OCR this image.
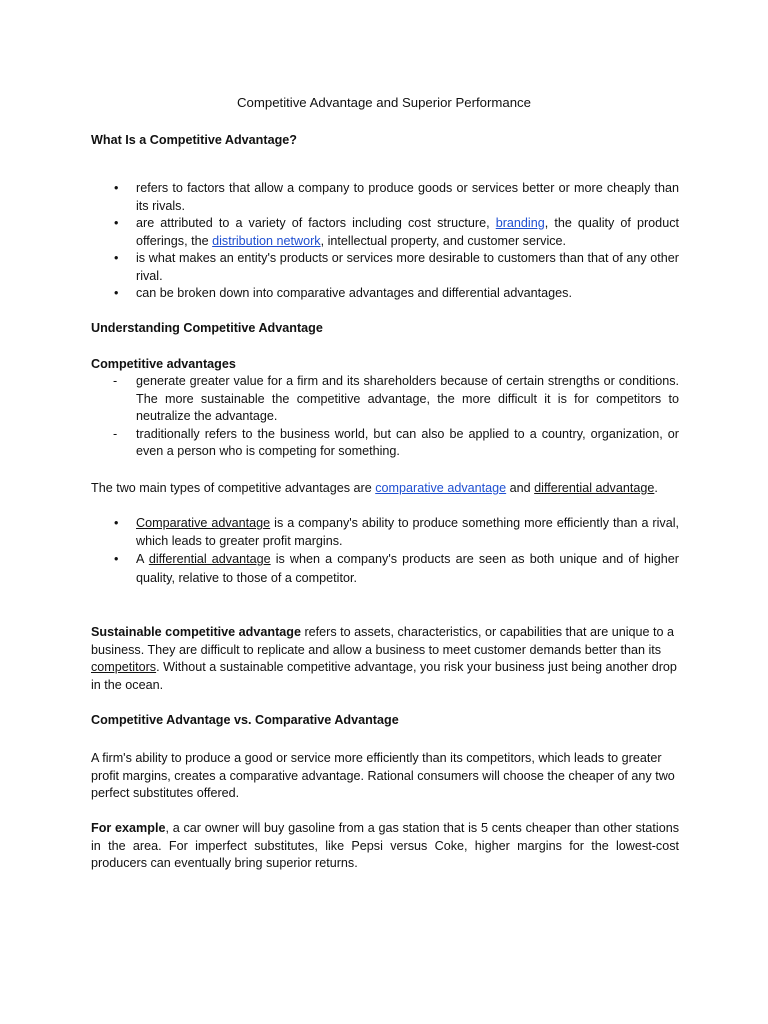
Competitive Advantage and Superior Performance
What Is a Competitive Advantage?
• refers to factors that allow a company to produce goods or services better or more cheaply than its rivals.
• are attributed to a variety of factors including cost structure, branding, the quality of product offerings, the distribution network, intellectual property, and customer service.
• is what makes an entity's products or services more desirable to customers than that of any other rival.
• can be broken down into comparative advantages and differential advantages.
Understanding Competitive Advantage
Competitive advantages
- generate greater value for a firm and its shareholders because of certain strengths or conditions. The more sustainable the competitive advantage, the more difficult it is for competitors to neutralize the advantage.
- traditionally refers to the business world, but can also be applied to a country, organization, or even a person who is competing for something.
The two main types of competitive advantages are comparative advantage and differential advantage.
• Comparative advantage is a company's ability to produce something more efficiently than a rival, which leads to greater profit margins.
• A differential advantage is when a company's products are seen as both unique and of higher quality, relative to those of a competitor.
Sustainable competitive advantage refers to assets, characteristics, or capabilities that are unique to a business. They are difficult to replicate and allow a business to meet customer demands better than its competitors. Without a sustainable competitive advantage, you risk your business just being another drop in the ocean.
Competitive Advantage vs. Comparative Advantage
A firm's ability to produce a good or service more efficiently than its competitors, which leads to greater profit margins, creates a comparative advantage. Rational consumers will choose the cheaper of any two perfect substitutes offered.
For example, a car owner will buy gasoline from a gas station that is 5 cents cheaper than other stations in the area. For imperfect substitutes, like Pepsi versus Coke, higher margins for the lowest-cost producers can eventually bring superior returns.
